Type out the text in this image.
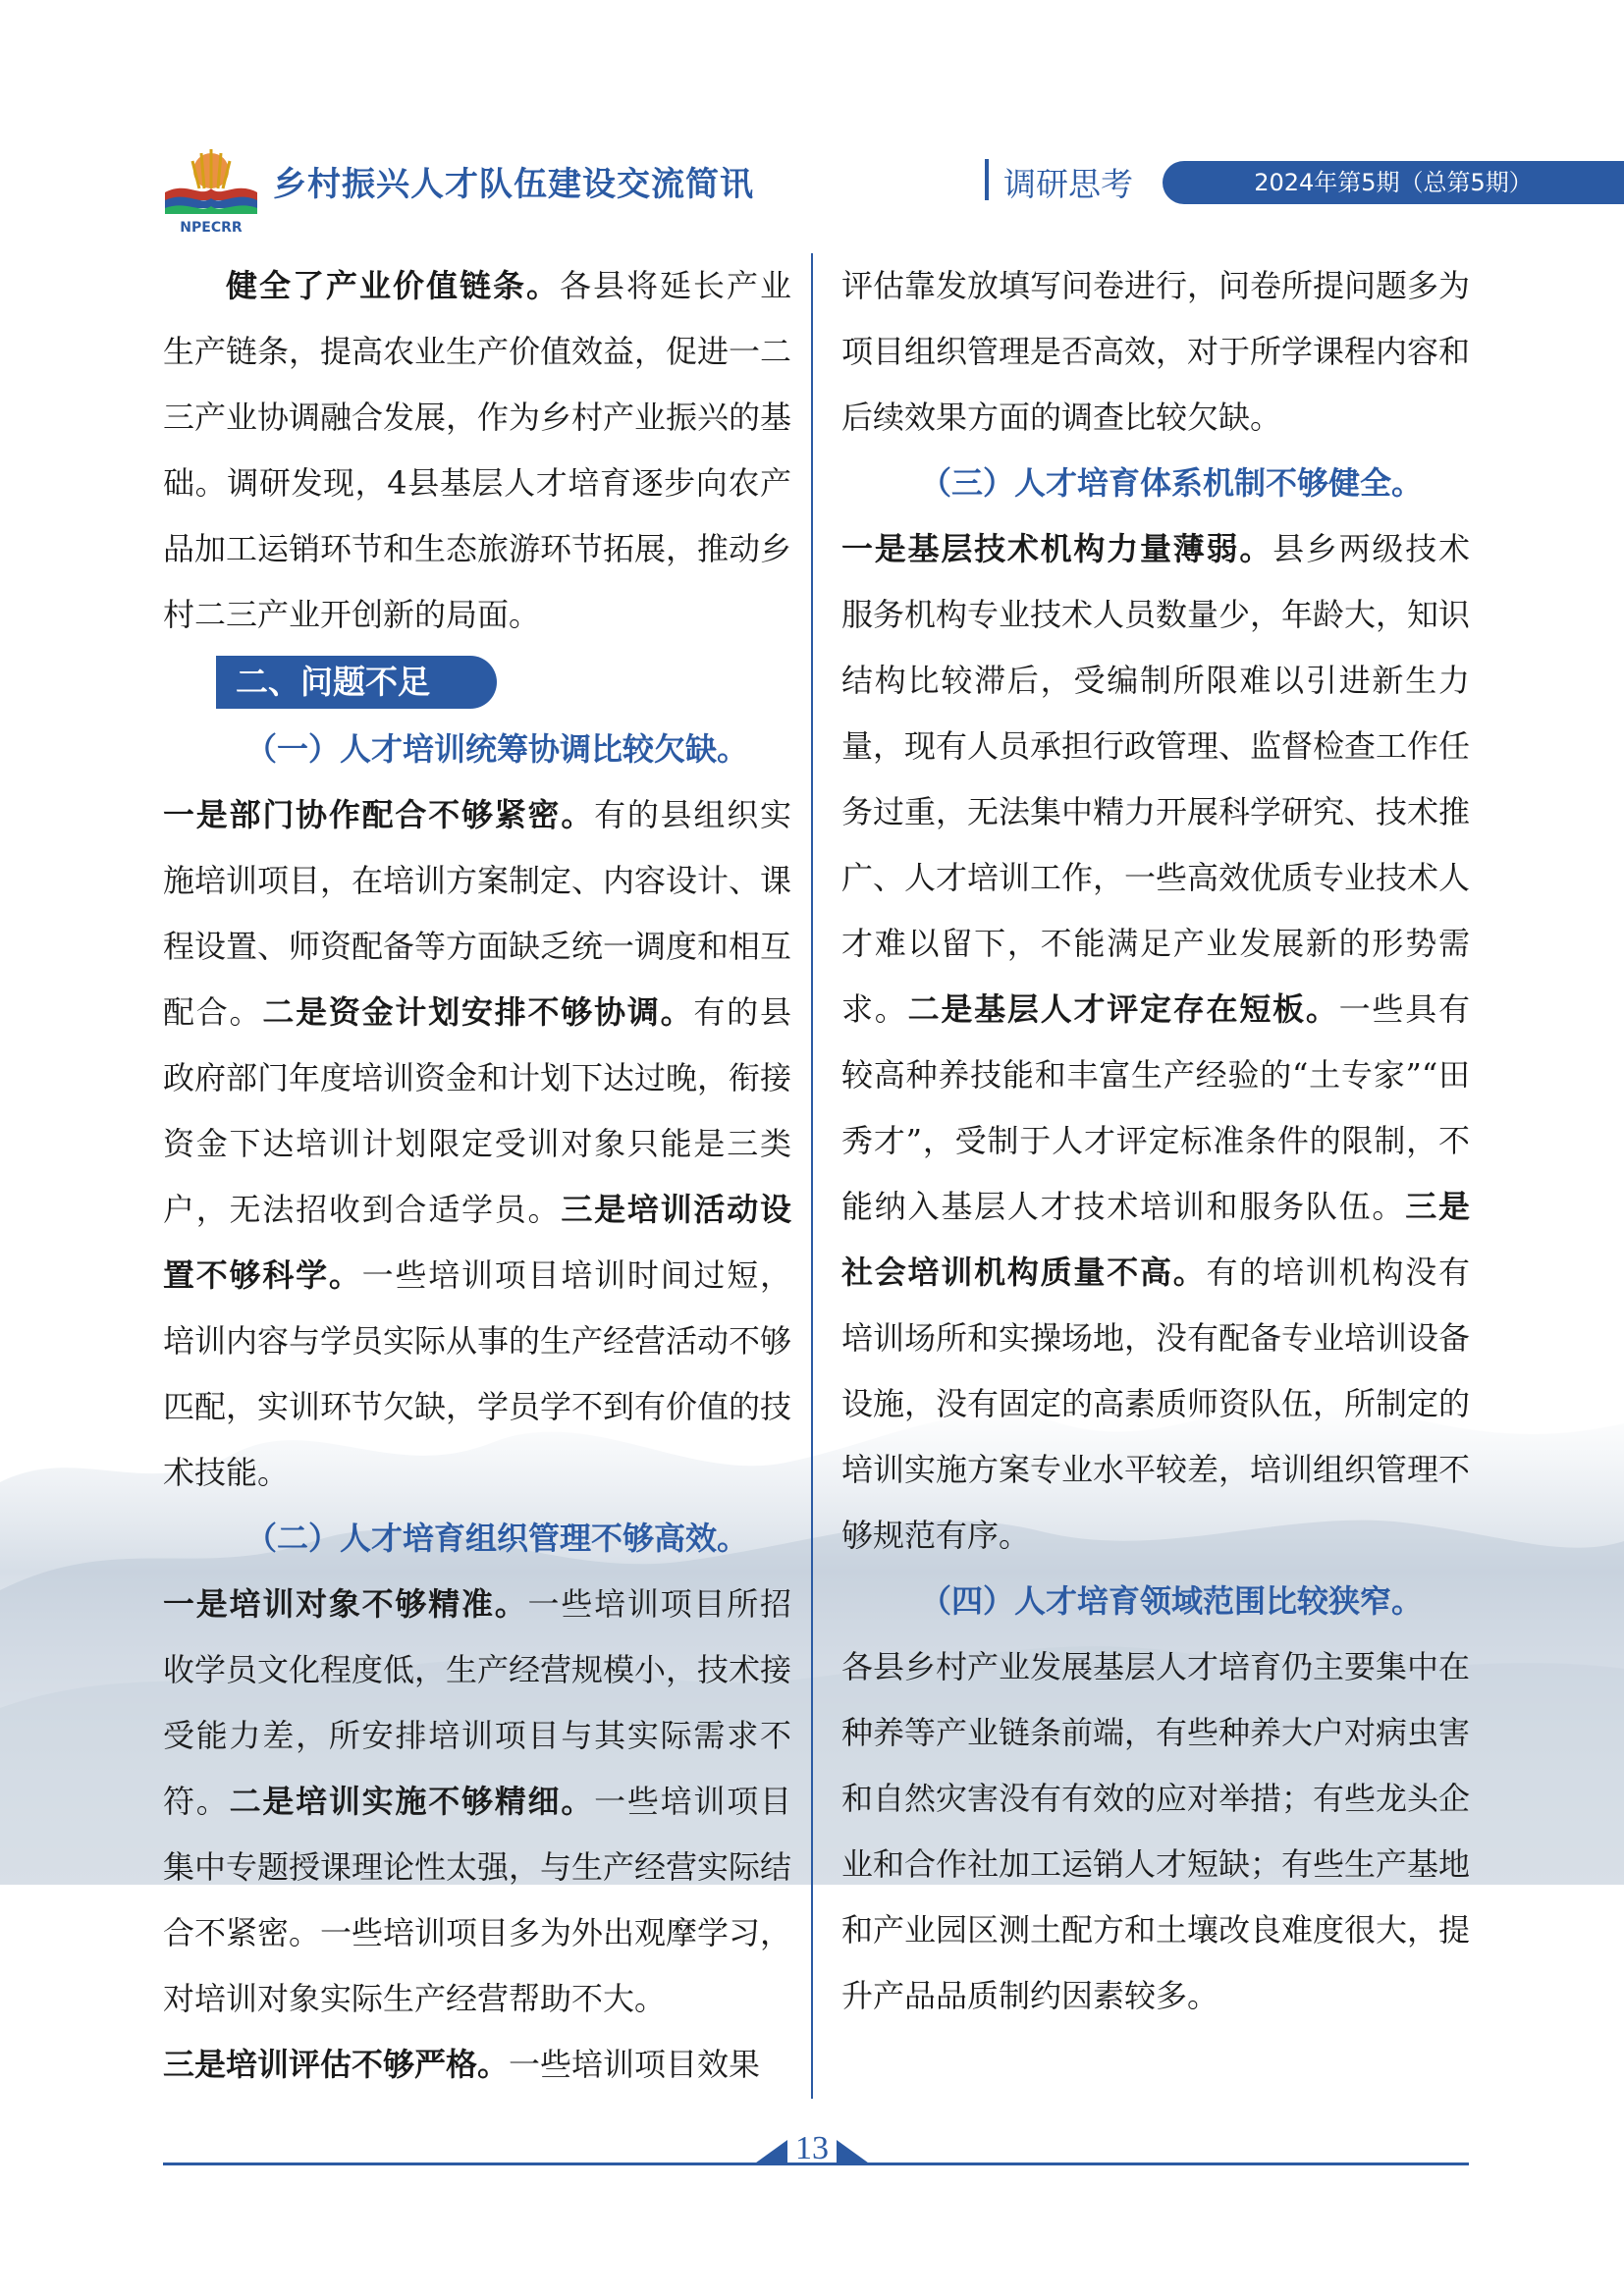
NPECRR
乡村振兴人才队伍建设交流简讯	调研思考	2024年第5期（总第5期）

健全了产业价值链条。各县将延长产业生产链条，提高农业生产价值效益，促进一二三产业协调融合发展，作为乡村产业振兴的基础。调研发现，4县基层人才培育逐步向农产品加工运销环节和生态旅游环节拓展，推动乡村二三产业开创新的局面。

二、问题不足

（一）人才培训统筹协调比较欠缺。

一是部门协作配合不够紧密。有的县组织实施培训项目，在培训方案制定、内容设计、课程设置、师资配备等方面缺乏统一调度和相互配合。二是资金计划安排不够协调。有的县政府部门年度培训资金和计划下达过晚，衔接资金下达培训计划限定受训对象只能是三类户，无法招收到合适学员。三是培训活动设置不够科学。一些培训项目培训时间过短，培训内容与学员实际从事的生产经营活动不够匹配，实训环节欠缺，学员学不到有价值的技术技能。

（二）人才培育组织管理不够高效。

一是培训对象不够精准。一些培训项目所招收学员文化程度低，生产经营规模小，技术接受能力差，所安排培训项目与其实际需求不符。二是培训实施不够精细。一些培训项目集中专题授课理论性太强，与生产经营实际结合不紧密。一些培训项目多为外出观摩学习，对培训对象实际生产经营帮助不大。
三是培训评估不够严格。一些培训项目效果

评估靠发放填写问卷进行，问卷所提问题多为项目组织管理是否高效，对于所学课程内容和后续效果方面的调查比较欠缺。

（三）人才培育体系机制不够健全。

一是基层技术机构力量薄弱。县乡两级技术服务机构专业技术人员数量少，年龄大，知识结构比较滞后，受编制所限难以引进新生力量，现有人员承担行政管理、监督检查工作任务过重，无法集中精力开展科学研究、技术推广、人才培训工作，一些高效优质专业技术人才难以留下，不能满足产业发展新的形势需求。二是基层人才评定存在短板。一些具有较高种养技能和丰富生产经验的“土专家”“田秀才”，受制于人才评定标准条件的限制，不能纳入基层人才技术培训和服务队伍。三是社会培训机构质量不高。有的培训机构没有培训场所和实操场地，没有配备专业培训设备设施，没有固定的高素质师资队伍，所制定的培训实施方案专业水平较差，培训组织管理不够规范有序。

（四）人才培育领域范围比较狭窄。

各县乡村产业发展基层人才培育仍主要集中在种养等产业链条前端，有些种养大户对病虫害和自然灾害没有有效的应对举措；有些龙头企业和合作社加工运销人才短缺；有些生产基地和产业园区测土配方和土壤改良难度很大，提升产品品质制约因素较多。

13
